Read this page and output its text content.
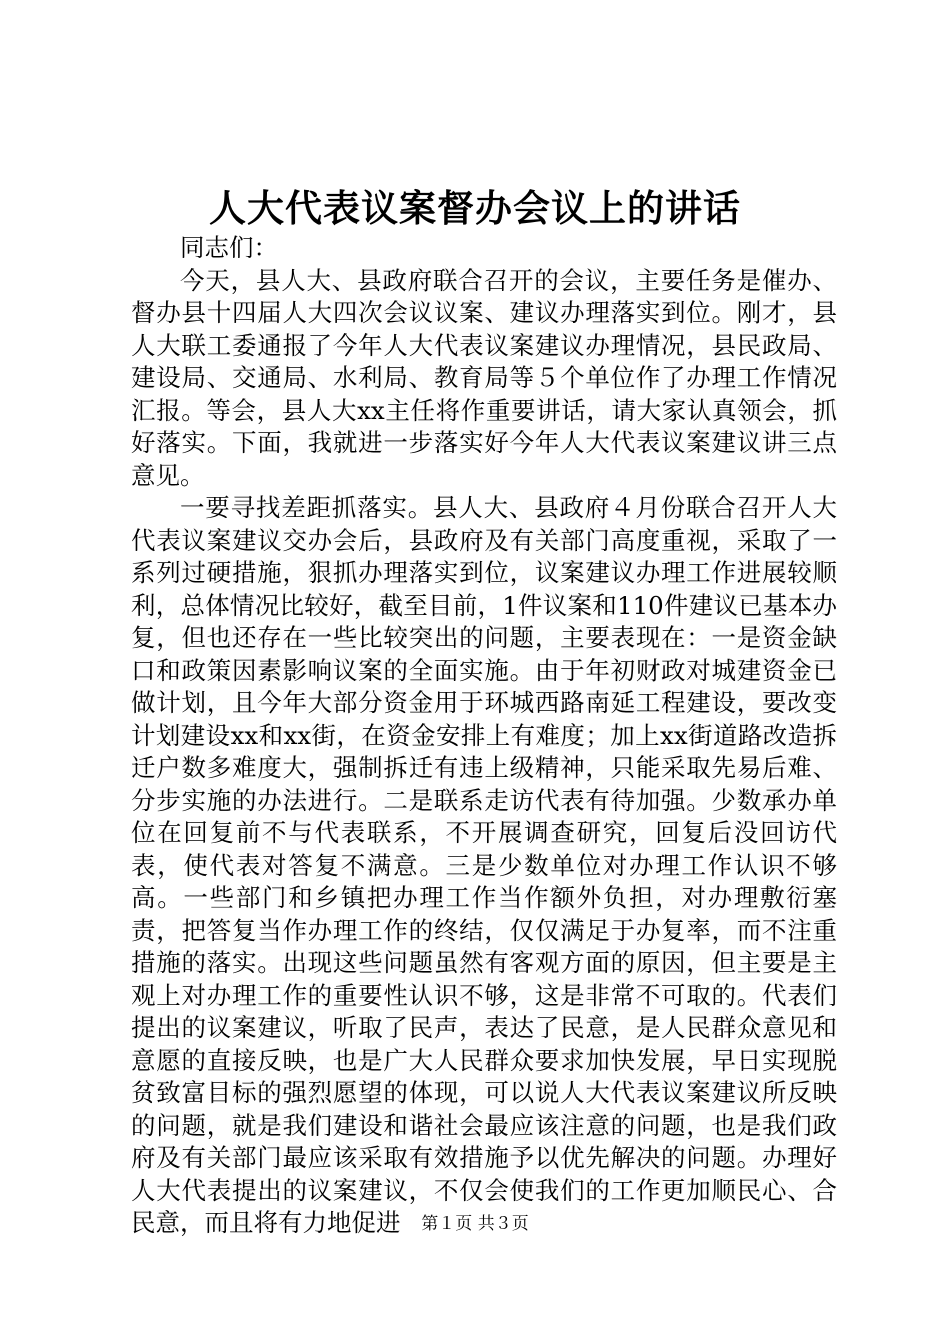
人大代表议案督办会议上的讲话

同志们：

今天，县人大、县政府联合召开的会议，主要任务是催办、督办县十四届人大四次会议议案、建议办理落实到位。刚才，县人大联工委通报了今年人大代表议案建议办理情况，县民政局、建设局、交通局、水利局、教育局等５个单位作了办理工作情况汇报。等会，县人大xx主任将作重要讲话，请大家认真领会，抓好落实。下面，我就进一步落实好今年人大代表议案建议讲三点意见。

一要寻找差距抓落实。县人大、县政府４月份联合召开人大代表议案建议交办会后，县政府及有关部门高度重视，采取了一系列过硬措施，狠抓办理落实到位，议案建议办理工作进展较顺利，总体情况比较好，截至目前，1件议案和110件建议已基本办复，但也还存在一些比较突出的问题，主要表现在：一是资金缺口和政策因素影响议案的全面实施。由于年初财政对城建资金已做计划，且今年大部分资金用于环城西路南延工程建设，要改变计划建设xx和xx街，在资金安排上有难度；加上xx街道路改造拆迁户数多难度大，强制拆迁有违上级精神，只能采取先易后难、分步实施的办法进行。二是联系走访代表有待加强。少数承办单位在回复前不与代表联系，不开展调查研究，回复后没回访代表，使代表对答复不满意。三是少数单位对办理工作认识不够高。一些部门和乡镇把办理工作当作额外负担，对办理敷衍塞责，把答复当作办理工作的终结，仅仅满足于办复率，而不注重措施的落实。出现这些问题虽然有客观方面的原因，但主要是主观上对办理工作的重要性认识不够，这是非常不可取的。代表们提出的议案建议，听取了民声，表达了民意，是人民群众意见和意愿的直接反映，也是广大人民群众要求加快发展，早日实现脱贫致富目标的强烈愿望的体现，可以说人大代表议案建议所反映的问题，就是我们建设和谐社会最应该注意的问题，也是我们政府及有关部门最应该采取有效措施予以优先解决的问题。办理好人大代表提出的议案建议，不仅会使我们的工作更加顺民心、合民意，而且将有力地促进	第１页 共３页
